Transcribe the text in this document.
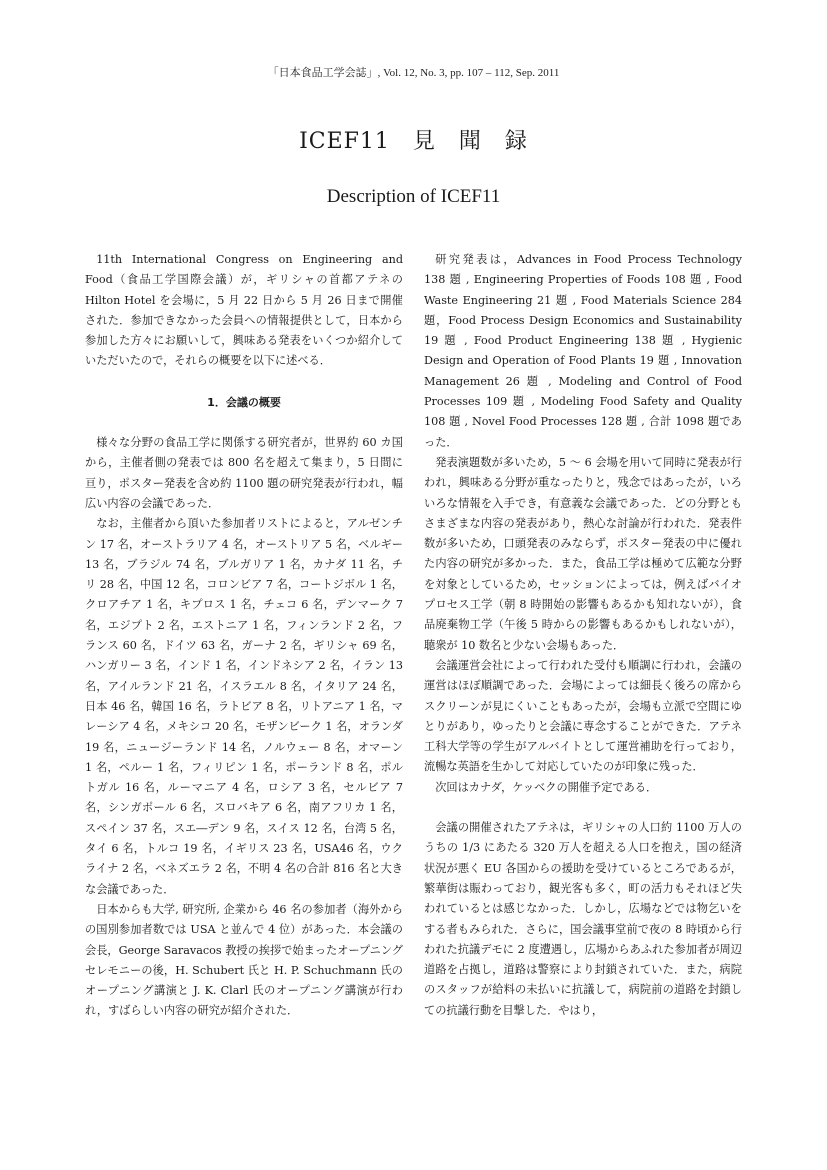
「日本食品工学会誌」, Vol. 12, No. 3, pp. 107 – 112, Sep. 2011
ICEF11　見　聞　録
Description of ICEF11

11th International Congress on Engineering and Food（食品工学国際会議）が，ギリシャの首都アテネの Hilton Hotel を会場に，5 月 22 日から 5 月 26 日まで開催された．参加できなかった会員への情報提供として，日本から参加した方々にお願いして，興味ある発表をいくつか紹介していただいたので，それらの概要を以下に述べる．

1．会議の概要

様々な分野の食品工学に関係する研究者が，世界約 60 カ国から，主催者側の発表では 800 名を超えて集まり，5 日間に亘り，ポスター発表を含め約 1100 題の研究発表が行われ，幅広い内容の会議であった．

なお，主催者から頂いた参加者リストによると，アルゼンチン 17 名，オーストラリア 4 名，オーストリア 5 名，ベルギー 13 名，ブラジル 74 名，ブルガリア 1 名，カナダ 11 名，チリ 28 名，中国 12 名，コロンビア 7 名，コートジボル 1 名，クロアチア 1 名，キプロス 1 名，チェコ 6 名，デンマーク 7 名，エジプト 2 名，エストニア 1 名，フィンランド 2 名，フランス 60 名，ドイツ 63 名，ガーナ 2 名，ギリシャ 69 名，ハンガリー 3 名，インド 1 名，インドネシア 2 名，イラン 13 名，アイルランド 21 名，イスラエル 8 名，イタリア 24 名，日本 46 名，韓国 16 名，ラトビア 8 名，リトアニア 1 名，マレーシア 4 名，メキシコ 20 名，モザンビーク 1 名，オランダ 19 名，ニュージーランド 14 名，ノルウェー 8 名，オマーン 1 名，ペルー 1 名，フィリピン 1 名，ポーランド 8 名，ポルトガル 16 名，ルーマニア 4 名，ロシア 3 名，セルビア 7 名，シンガポール 6 名，スロバキア 6 名，南アフリカ 1 名，スペイン 37 名，スエ―デン 9 名，スイス 12 名，台湾 5 名，タイ 6 名，トルコ 19 名，イギリス 23 名，USA46 名，ウクライナ 2 名，ベネズエラ 2 名，不明 4 名の合計 816 名と大きな会議であった．

日本からも大学, 研究所, 企業から 46 名の参加者（海外からの国別参加者数では USA と並んで 4 位）があった．本会議の会長，George Saravacos 教授の挨拶で始まったオープニングセレモニーの後，H. Schubert 氏と H. P. Schuchmann 氏のオープニング講演と J. K. Clarl 氏のオープニング講演が行われ，すばらしい内容の研究が紹介された．

研究発表は，Advances in Food Process Technology 138 題 , Engineering Properties of Foods 108 題 , Food Waste Engineering 21 題 , Food Materials Science 284 題，Food Process Design Economics and Sustainability 19 題 , Food Product Engineering 138 題 , Hygienic Design and Operation of Food Plants 19 題 , Innovation Management 26 題 , Modeling and Control of Food Processes 109 題 , Modeling Food Safety and Quality 108 題 , Novel Food Processes 128 題 , 合計 1098 題であった．

発表演題数が多いため，5 ～ 6 会場を用いて同時に発表が行われ，興味ある分野が重なったりと，残念ではあったが，いろいろな情報を入手でき，有意義な会議であった．どの分野ともさまざまな内容の発表があり，熱心な討論が行われた．発表件数が多いため，口頭発表のみならず，ポスター発表の中に優れた内容の研究が多かった．また，食品工学は極めて広範な分野を対象としているため，セッションによっては，例えばバイオプロセス工学（朝 8 時開始の影響もあるかも知れないが），食品廃棄物工学（午後 5 時からの影響もあるかもしれないが），聴衆が 10 数名と少ない会場もあった．

会議運営会社によって行われた受付も順調に行われ，会議の運営はほぼ順調であった．会場によっては細長く後ろの席からスクリーンが見にくいこともあったが，会場も立派で空間にゆとりがあり，ゆったりと会議に専念することができた．アテネ工科大学等の学生がアルバイトとして運営補助を行っており，流暢な英語を生かして対応していたのが印象に残った．

次回はカナダ，ケッベクの開催予定である．

会議の開催されたアテネは，ギリシャの人口約 1100 万人のうちの 1/3 にあたる 320 万人を超える人口を抱え，国の経済状況が悪く EU 各国からの援助を受けているところであるが，繁華街は賑わっており，観光客も多く，町の活力もそれほど失われているとは感じなかった．しかし，広場などでは物乞いをする者もみられた．さらに，国会議事堂前で夜の 8 時頃から行われた抗議デモに 2 度遭遇し，広場からあふれた参加者が周辺道路を占拠し，道路は警察により封鎖されていた．また，病院のスタッフが給料の未払いに抗議して，病院前の道路を封鎖しての抗議行動を目撃した．やはり，
